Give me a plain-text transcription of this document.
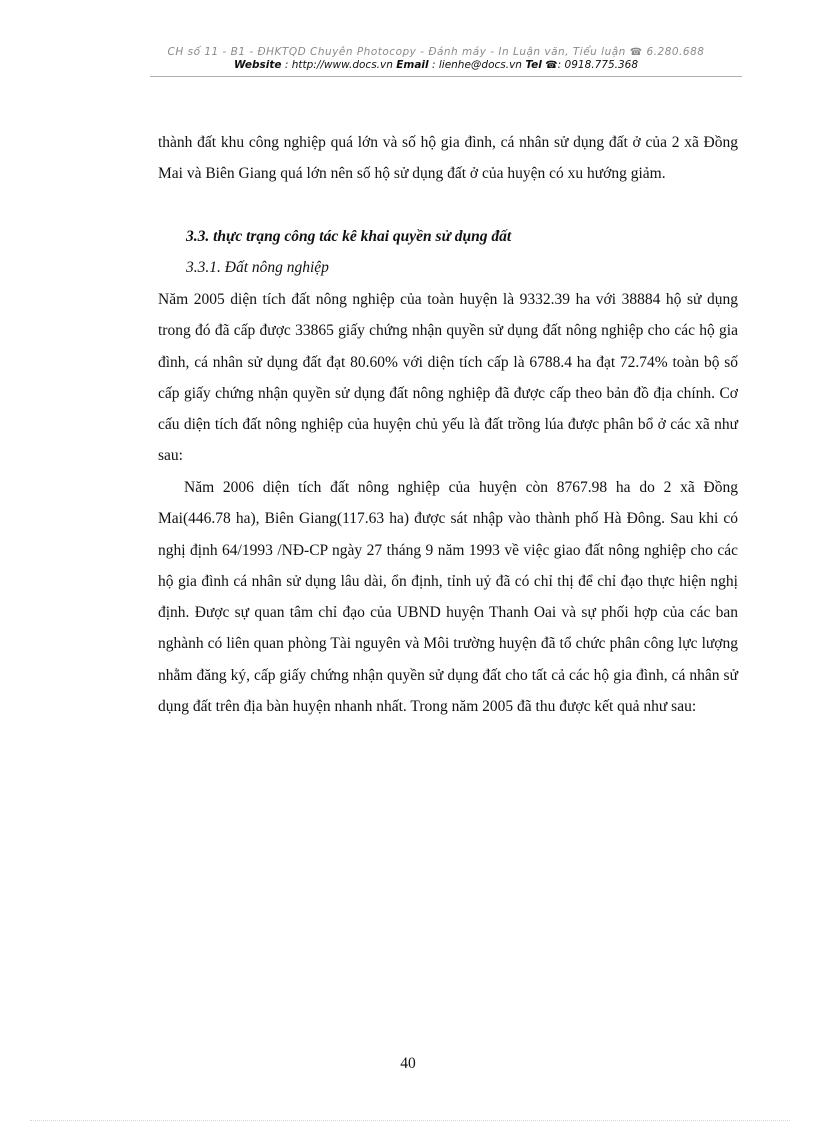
CH số 11 - B1 - ĐHKTQD Chuyên Photocopy - Đánh máy - In Luận văn, Tiểu luận ☎ 6.280.688
Website : http://www.docs.vn Email : lienhe@docs.vn Tel ☎: 0918.775.368

thành đất khu công nghiệp quá lớn và số hộ gia đình, cá nhân sử dụng đất ở của 2 xã Đồng Mai và Biên Giang quá lớn nên số hộ sử dụng đất ở của huyện có xu hướng giảm.

3.3. thực trạng công tác kê khai quyền sử dụng đất
3.3.1. Đất nông nghiệp

Năm 2005 diện tích đất nông nghiệp của toàn huyện là 9332.39 ha với 38884 hộ sử dụng trong đó đã cấp được 33865 giấy chứng nhận quyền sử dụng đất nông nghiệp cho các hộ gia đình, cá nhân sử dụng đất đạt 80.60% với diện tích cấp là 6788.4 ha đạt 72.74% toàn bộ số cấp giấy chứng nhận quyền sử dụng đất nông nghiệp đã được cấp theo bản đồ địa chính. Cơ cấu diện tích đất nông nghiệp của huyện chủ yếu là đất trồng lúa được phân bổ ở các xã như sau:

Năm 2006 diện tích đất nông nghiệp của huyện còn 8767.98 ha do 2 xã Đồng Mai(446.78 ha), Biên Giang(117.63 ha) được sát nhập vào thành phố Hà Đông. Sau khi có nghị định 64/1993 /NĐ-CP ngày 27 tháng 9 năm 1993 về việc giao đất nông nghiệp cho các hộ gia đình cá nhân sử dụng lâu dài, ổn định, tỉnh uỷ đã có chỉ thị để chỉ đạo thực hiện nghị định. Được sự quan tâm chỉ đạo của UBND huyện Thanh Oai và sự phối hợp của các ban nghành có liên quan phòng Tài nguyên và Môi trường huyện đã tổ chức phân công lực lượng nhằm đăng ký, cấp giấy chứng nhận quyền sử dụng đất cho tất cả các hộ gia đình, cá nhân sử dụng đất trên địa bàn huyện nhanh nhất. Trong năm 2005 đã thu được kết quả như sau:

40
